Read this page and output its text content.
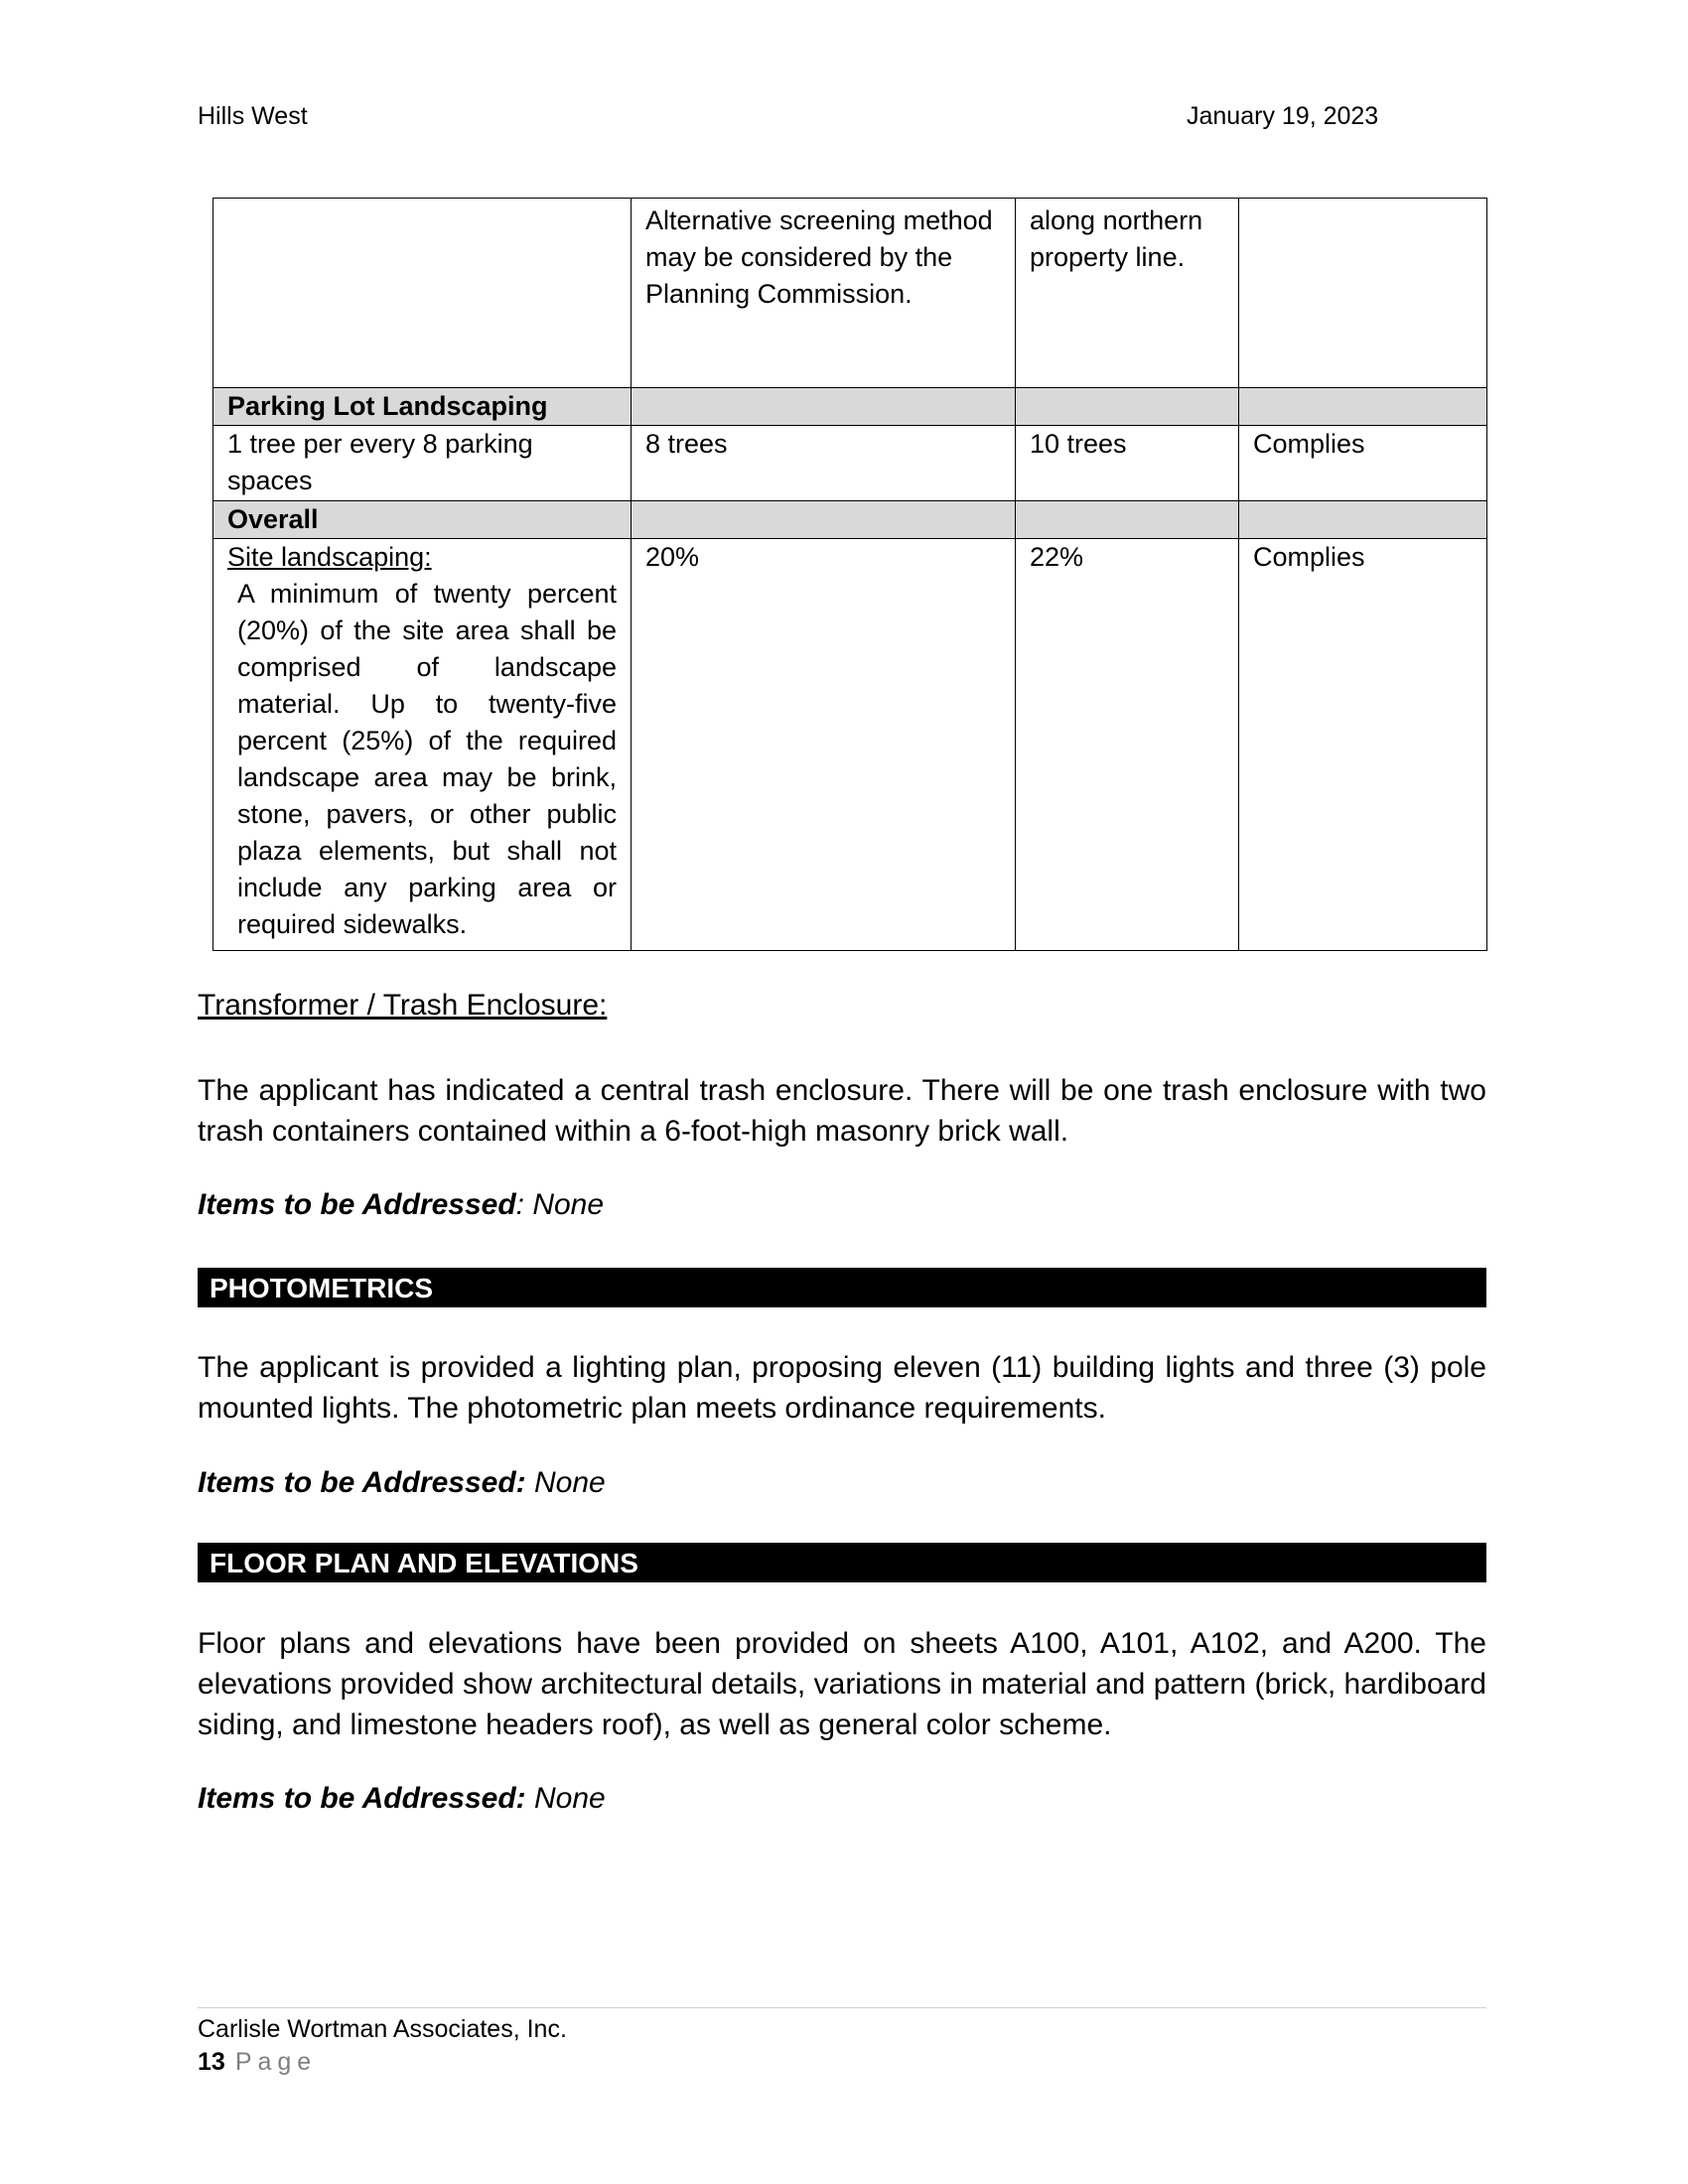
Hills West	January 19, 2023
	Alternative screening method may be considered by the Planning Commission.	along northern property line.	
Parking Lot Landscaping			
1 tree per every 8 parking spaces	8 trees	10 trees	Complies
Overall			

Site landscaping:
A minimum of twenty percent (20%) of the site area shall be comprised of landscape material. Up to twenty-five percent (25%) of the required landscape area may be brink, stone, pavers, or other public plaza elements, but shall not include any parking area or required sidewalks.	20%	22%	Complies
Transformer / Trash Enclosure:
The applicant has indicated a central trash enclosure. There will be one trash enclosure with two trash containers contained within a 6-foot-high masonry brick wall.
Items to be Addressed: None
PHOTOMETRICS
The applicant is provided a lighting plan, proposing eleven (11) building lights and three (3) pole mounted lights. The photometric plan meets ordinance requirements.
Items to be Addressed: None
FLOOR PLAN AND ELEVATIONS
Floor plans and elevations have been provided on sheets A100, A101, A102, and A200. The elevations provided show architectural details, variations in material and pattern (brick, hardiboard siding, and limestone headers roof), as well as general color scheme.
Items to be Addressed: None
Carlisle Wortman Associates, Inc.
13 Page
